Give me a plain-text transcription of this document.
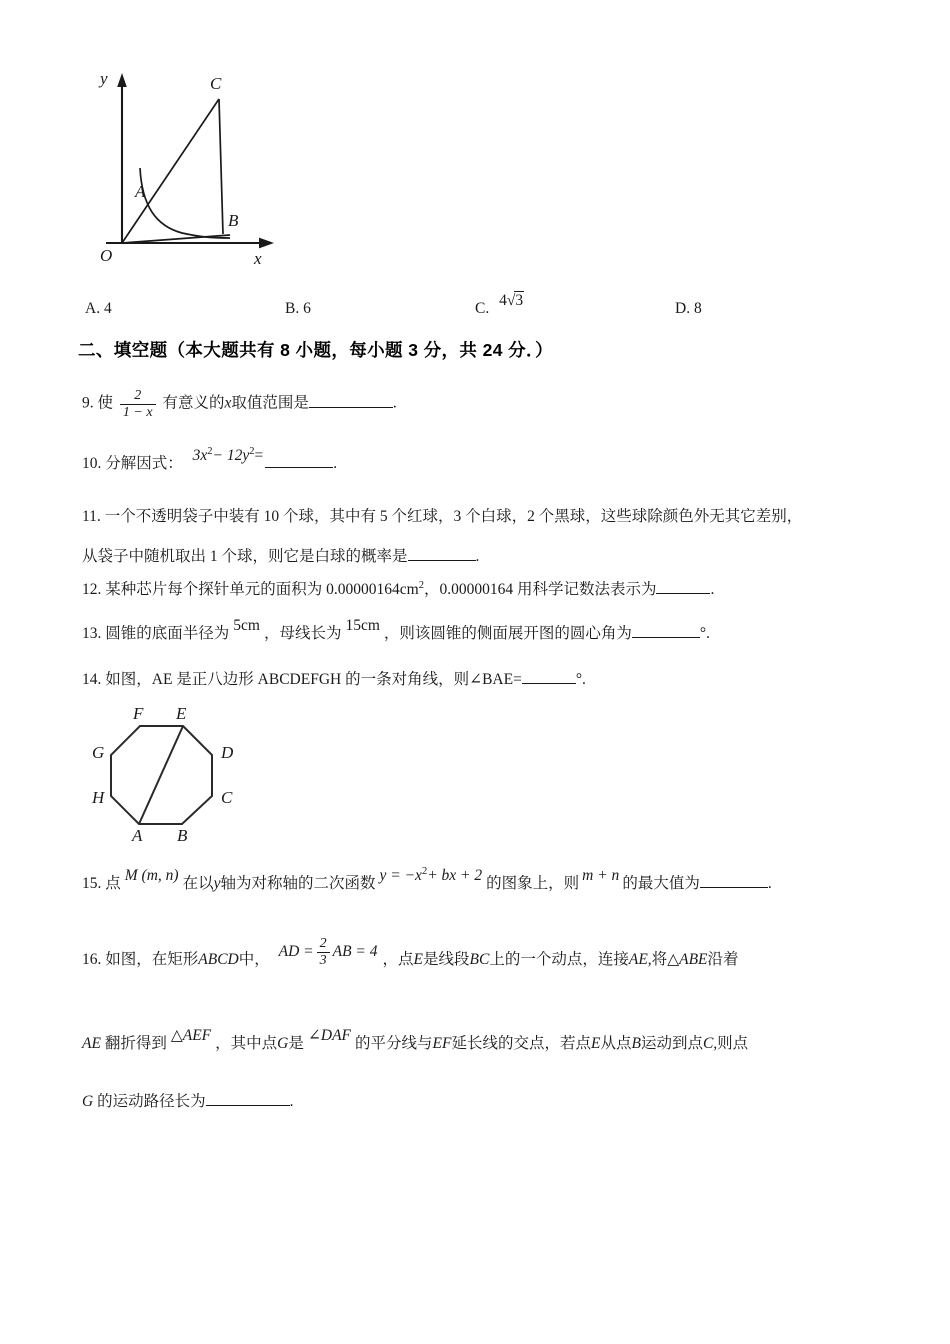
y
x
O
A
B
C
A. 4	B. 6	C. 4√3	D. 8
二、填空题（本大题共有 8 小题，每小题 3 分，共 24 分．）
9. 使 $\frac{2}{1 - x}$ 有意义的x取值范围是	.
10. 分解因式： $3x^2- 12y^2=$	.
11. 一个不透明袋子中装有 10 个球，其中有 5 个红球，3 个白球，2 个黑球，这些球除颜色外无其它差别，
从袋子中随机取出 1 个球，则它是白球的概率是	.
12. 某种芯片每个探针单元的面积为 $0.00000164cm^2$，0.00000164 用科学记数法表示为	.
13. 圆锥的底面半径为 5cm ，母线长为 15cm ，则该圆锥的侧面展开图的圆心角为	°.
14. 如图，AE 是正八边形 ABCDEFGH 的一条对角线，则∠BAE=	°.
A B
C
D
E
F
G
H
15. 点 M (m, n) 在以y轴为对称轴的二次函数 $y = -x^2+$ bx + 2 的图象上，则 m + n 的最大值为	.
16. 如图，在矩形ABCD中， AD = $\frac{2}{3}$ AB = 4 ，点E是线段BC上的一个动点，连接AE,将△ABE沿着
AE 翻折得到 △AEF ，其中点G是 ∠DAF 的平分线与EF延长线的交点，若点E从点B运动到点C,则点
G 的运动路径长为	.
